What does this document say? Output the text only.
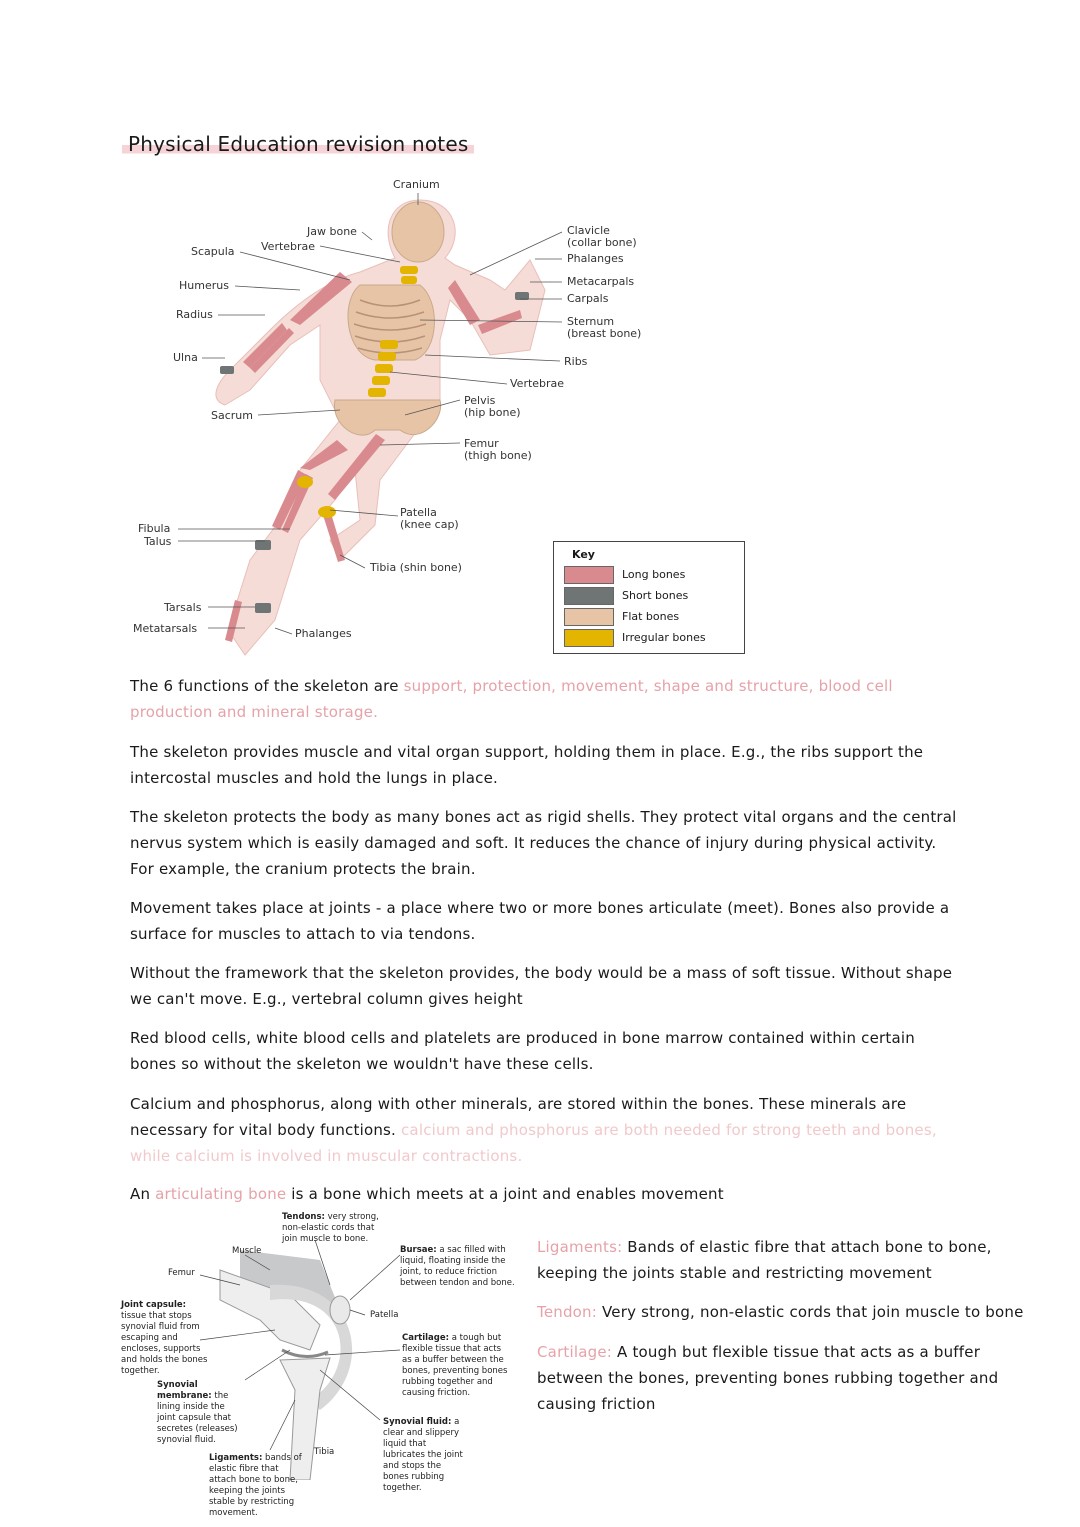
Physical Education revision notes
Cranium
Jaw bone
Vertebrae
Scapula
Humerus
Radius
Ulna
Sacrum
Fibula
Talus
Tarsals
Metatarsals	Phalanges
Tibia (shin bone)
Patella
(knee cap)
Femur
(thigh bone)
Pelvis
(hip bone)
Vertebrae
Ribs
Sternum
(breast bone)
Carpals
Metacarpals
Phalanges
Clavicle
(collar bone)
Key
Long bones
Short bones
Flat bones
Irregular bones
The 6 functions of the skeleton are support, protection, movement, shape and structure, blood cell production and mineral storage.
The skeleton provides muscle and vital organ support, holding them in place. E.g., the ribs support the intercostal muscles and hold the lungs in place.
The skeleton protects the body as many bones act as rigid shells. They protect vital organs and the central nervus system which is easily damaged and soft. It reduces the chance of injury during physical activity. For example, the cranium protects the brain.
Movement takes place at joints - a place where two or more bones articulate (meet). Bones also provide a surface for muscles to attach to via tendons.
Without the framework that the skeleton provides, the body would be a mass of soft tissue. Without shape we can't move. E.g., vertebral column gives height
Red blood cells, white blood cells and platelets are produced in bone marrow contained within certain bones so without the skeleton we wouldn't have these cells.
Calcium and phosphorus, along with other minerals, are stored within the bones. These minerals are necessary for vital body functions. calcium and phosphorus are both needed for strong teeth and bones, while calcium is involved in muscular contractions.
An articulating bone is a bone which meets at a joint and enables movement
Tendons: very strong, non-elastic cords that join muscle to bone.
Muscle
Femur
Patella
Tibia
Bursae: a sac filled with liquid, floating inside the joint, to reduce friction between tendon and bone.
Joint capsule: tissue that stops synovial fluid from escaping and encloses, supports and holds the bones together.
Cartilage: a tough but flexible tissue that acts as a buffer between the bones, preventing bones rubbing together and causing friction.
Synovial membrane: the lining inside the joint capsule that secretes (releases) synovial fluid.
Synovial fluid: a clear and slippery liquid that lubricates the joint and stops the bones rubbing together.
Ligaments: bands of elastic fibre that attach bone to bone, keeping the joints stable by restricting movement.
Ligaments: Bands of elastic fibre that attach bone to bone, keeping the joints stable and restricting movement
Tendon: Very strong, non-elastic cords that join muscle to bone
Cartilage: A tough but flexible tissue that acts as a buffer between the bones, preventing bones rubbing together and causing friction
